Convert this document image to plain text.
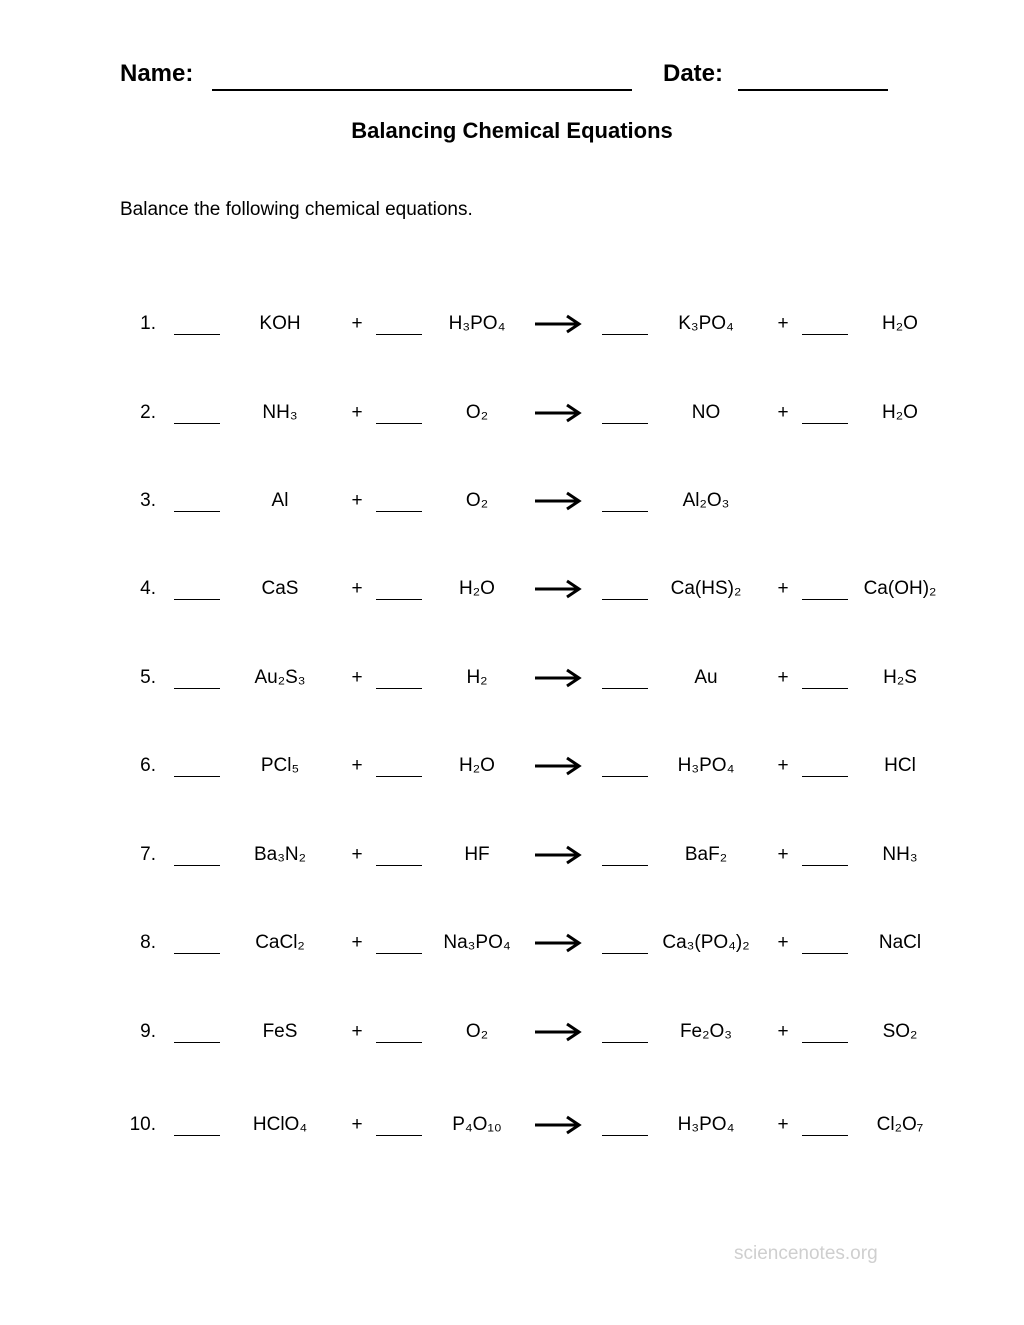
Name:	Date:
Balancing Chemical Equations
Balance the following chemical equations.
1.	KOH	+	H₃PO₄	K₃PO₄	+	H₂O
2.	NH₃	+	O₂	NO	+	H₂O
3.	Al	+	O₂	Al₂O₃
4.	CaS	+	H₂O	Ca(HS)₂	+	Ca(OH)₂
5.	Au₂S₃	+	H₂	Au	+	H₂S
6.	PCl₅	+	H₂O	H₃PO₄	+	HCl
7.	Ba₃N₂	+	HF	BaF₂	+	NH₃
8.	CaCl₂	+	Na₃PO₄	→	Ca₃(PO₄)₂	+	NaCl
9.	FeS	+	O₂	Fe₂O₃	+	SO₂
10.	HClO₄	+	P₄O₁₀	H₃PO₄	+	Cl₂O₇
sciencenotes.org
